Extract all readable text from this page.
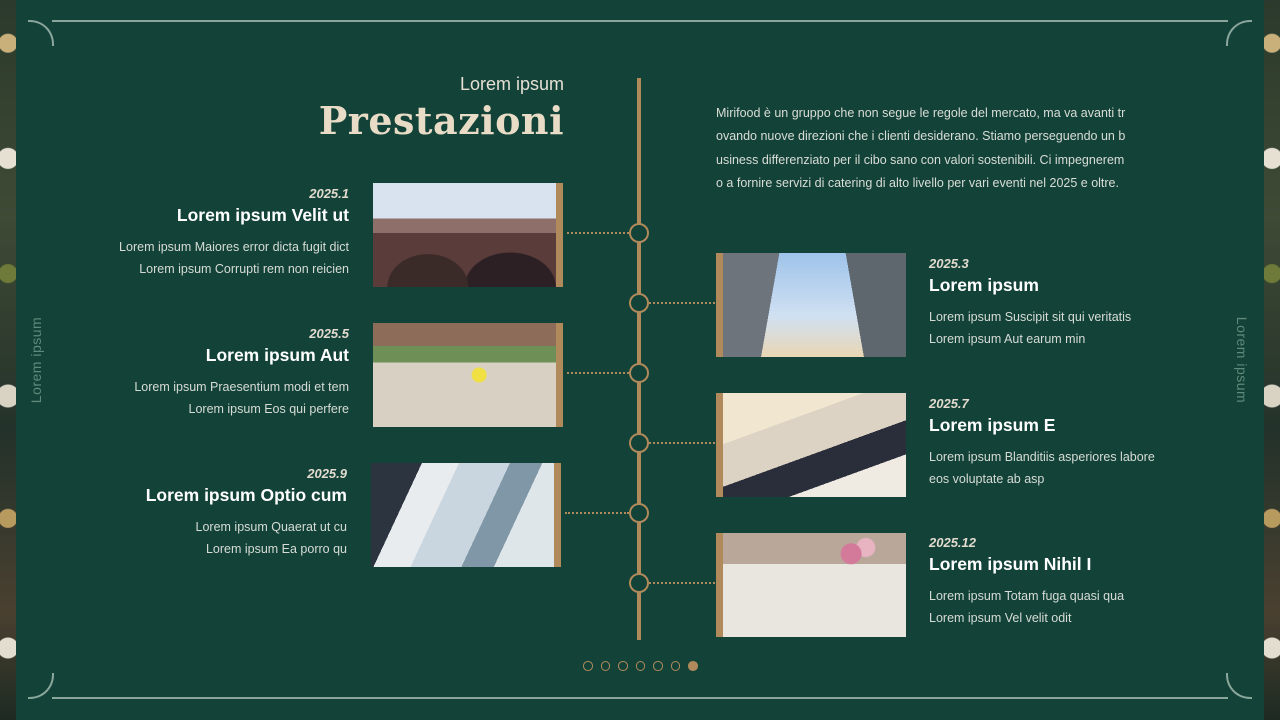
Lorem ipsum	Lorem ipsum
Lorem ipsum
Prestazioni	Mirifood è un gruppo che non segue le regole del mercato, ma va avanti trovando nuove direzioni che i clienti desiderano. Stiamo perseguendo un business differenziato per il cibo sano con valori sostenibili. Ci impegneremo a fornire servizi di catering di alto livello per vari eventi nel 2025 e oltre.
2025.1
Lorem ipsum Velit ut
Lorem ipsum Maiores error dicta fugit dict
Lorem ipsum Corrupti rem non reicien
2025.5
Lorem ipsum Aut
Lorem ipsum Praesentium modi et tem
Lorem ipsum Eos qui perfere
2025.9
Lorem ipsum Optio cum
Lorem ipsum Quaerat ut cu
Lorem ipsum Ea porro qu
2025.3
Lorem ipsum
Lorem ipsum Suscipit sit qui veritatis
Lorem ipsum Aut earum min
2025.7
Lorem ipsum E
Lorem ipsum Blanditiis asperiores labore
eos voluptate ab asp
2025.12
Lorem ipsum Nihil I
Lorem ipsum Totam fuga quasi qua
Lorem ipsum Vel velit odit
